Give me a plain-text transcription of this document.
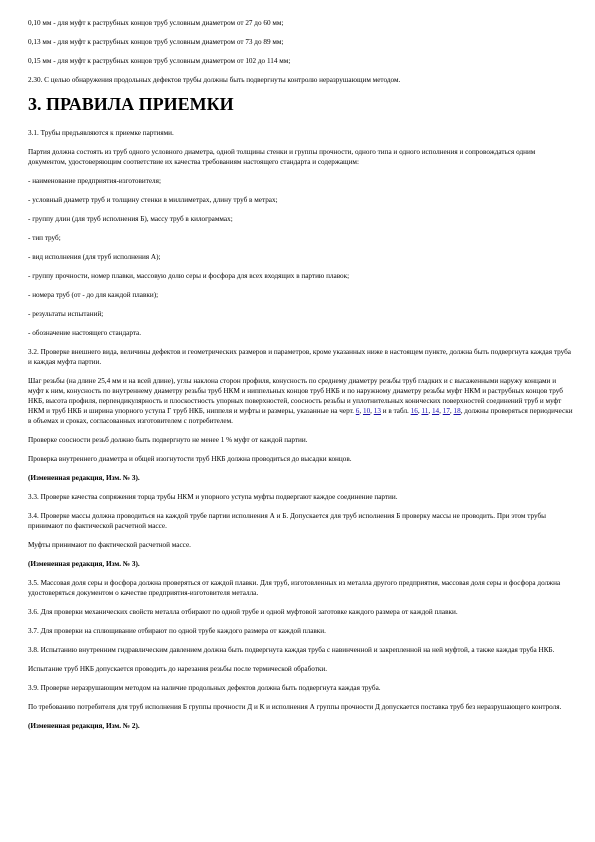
0,10 мм - для муфт к раструбных концов труб условным диаметром от 27 до 60 мм;

0,13 мм - для муфт к раструбных концов труб условным диаметром от 73 до 89 мм;

0,15 мм - для муфт к раструбных концов труб условным диаметром от 102 до 114 мм;

2.30. С целью обнаружения продольных дефектов трубы должны быть подвергнуты контролю неразрушающим методом.

3. ПРАВИЛА ПРИЕМКИ

3.1. Трубы предъявляются к приемке партиями.

Партия должна состоять из труб одного условного диаметра, одной толщины стенки и группы прочности, одного типа и одного исполнения и сопровождаться одним документом, удостоверяющим соответствие их качества требованиям настоящего стандарта и содержащим:

- наименование предприятия-изготовителя;

- условный диаметр труб и толщину стенки в миллиметрах, длину труб в метрах;

- группу длин (для труб исполнения Б), массу труб в килограммах;

- тип труб;

- вид исполнения (для труб исполнения А);

- группу прочности, номер плавки, массовую долю серы и фосфора для всех входящих в партию плавок;

- номера труб (от - до для каждой плавки);

- результаты испытаний;

- обозначение настоящего стандарта.

3.2. Проверке внешнего вида, величины дефектов и геометрических размеров и параметров, кроме указанных ниже в настоящем пункте, должна быть подвергнута каждая труба и каждая муфта партии.

Шаг резьбы (на длине 25,4 мм и на всей длине), углы наклона сторон профиля, конусность по среднему диаметру резьбы труб гладких и с высаженными наружу концами и муфт к ним, конусность по внутреннему диаметру резьбы труб НКМ и ниппельных концов труб НКБ и по наружному диаметру резьбы муфт НКМ и раструбных концов труб НКБ, высота профиля, перпендикулярность и плоскостность упорных поверхностей, соосность резьбы и уплотнительных конических поверхностей соединений труб и муфт НКМ и труб НКБ и ширина упорного уступа Г труб НКБ, ниппеля и муфты и размеры, указанные на черт. 6, 10, 13 и в табл. 16, 11, 14, 17, 18, должны проверяться периодически в объемах и сроках, согласованных изготовителем с потребителем.

Проверке соосности резьб должно быть подвергнуто не менее 1 % муфт от каждой партии.

Проверка внутреннего диаметра и общей изогнутости труб НКБ должна проводиться до высадки концов.

(Измененная редакция, Изм. № 3).

3.3. Проверке качества сопряжения торца трубы НКМ и упорного уступа муфты подвергают каждое соединение партии.

3.4. Проверке массы должна проводиться на каждой трубе партии исполнения А и Б. Допускается для труб исполнения Б проверку массы не проводить. При этом трубы принимают по фактической расчетной массе.

Муфты принимают по фактической расчетной массе.

(Измененная редакция, Изм. № 3).

3.5. Массовая доля серы и фосфора должна проверяться от каждой плавки. Для труб, изготовленных из металла другого предприятия, массовая доля серы и фосфора должна удостоверяться документом о качестве предприятия-изготовителя металла.

3.6. Для проверки механических свойств металла отбирают по одной трубе и одной муфтовой заготовке каждого размера от каждой плавки.

3.7. Для проверки на сплющивание отбирают по одной трубе каждого размера от каждой плавки.

3.8. Испытанию внутренним гидравлическим давлением должна быть подвергнута каждая труба с навинченной и закрепленной на ней муфтой, а также каждая труба НКБ.

Испытание труб НКБ допускается проводить до нарезания резьбы после термической обработки.

3.9. Проверке неразрушающим методом на наличие продольных дефектов должна быть подвергнута каждая труба.

По требованию потребителя для труб исполнения Б группы прочности Д и К и исполнения А группы прочности Д допускается поставка труб без неразрушающего контроля.

(Измененная редакция, Изм. № 2).
